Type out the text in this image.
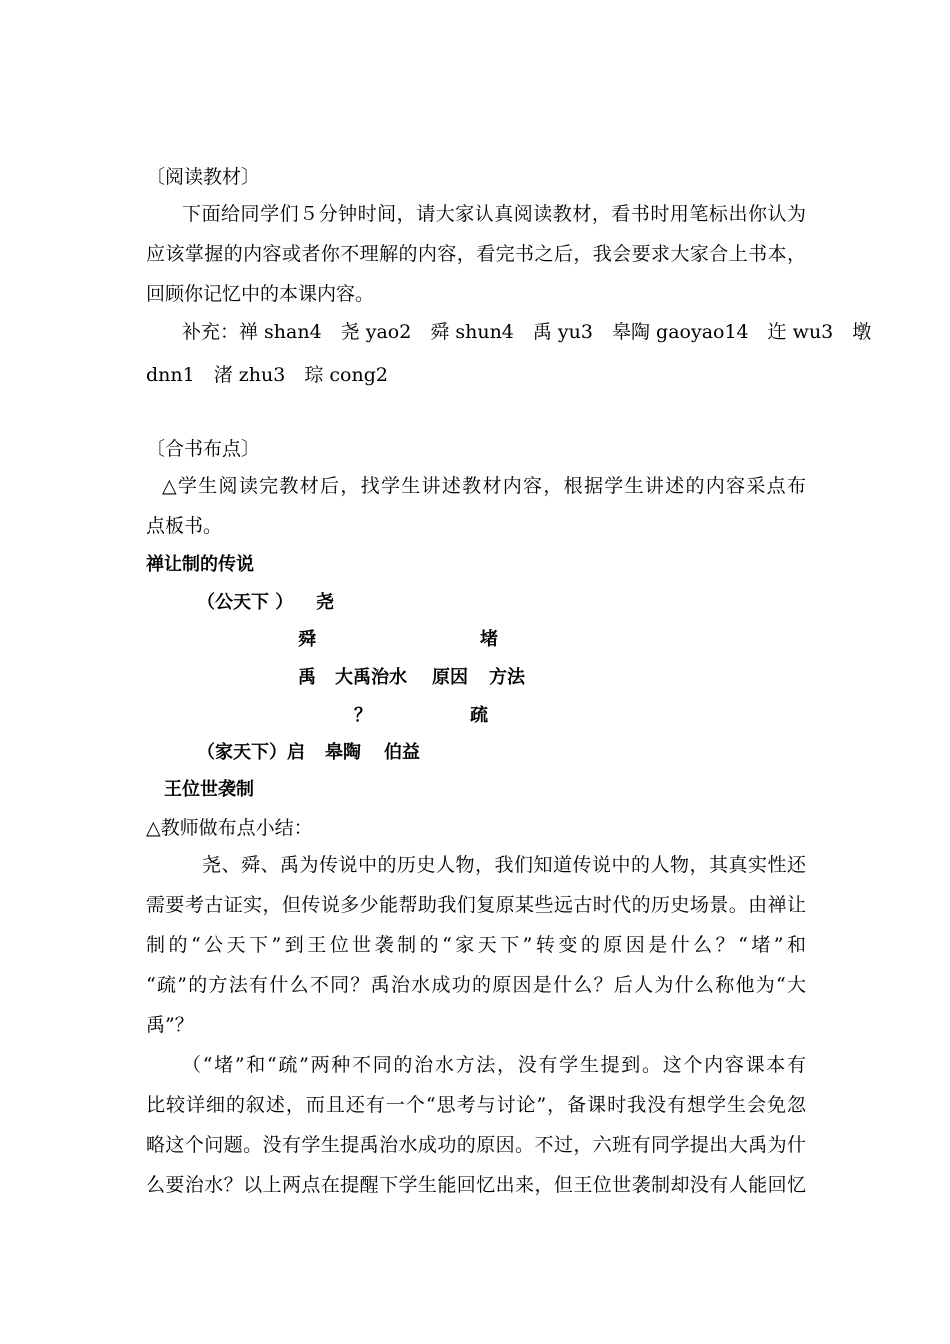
〔阅读教材〕
下面给同学们５分钟时间，请大家认真阅读教材，看书时用笔标出你认为
应该掌握的内容或者你不理解的内容，看完书之后，我会要求大家合上书本，
回顾你记忆中的本课内容。
补充：禅 shan4　尧 yao2　舜 shun4　禹 yu3　皋陶 gaoyao14　迕 wu3　墩
dnn1　渚 zhu3　琮 cong2
〔合书布点〕
△学生阅读完教材后，找学生讲述教材内容，根据学生讲述的内容采点布
点板书。
禅让制的传说
（公天下 ） 尧
舜	堵
禹 大禹治水 原因 方法
？	疏
（家天下）启 皋陶 伯益
王位世袭制
△教师做布点小结：
尧、舜、禹为传说中的历史人物，我们知道传说中的人物，其真实性还
需要考古证实，但传说多少能帮助我们复原某些远古时代的历史场景。由禅让
制的“公天下”到王位世袭制的“家天下”转变的原因是什么？“堵”和
“疏”的方法有什么不同？禹治水成功的原因是什么？后人为什么称他为“大
禹”？
（“堵”和“疏”两种不同的治水方法，没有学生提到。这个内容课本有
比较详细的叙述，而且还有一个“思考与讨论”，备课时我没有想学生会免忽
略这个问题。没有学生提禹治水成功的原因。不过，六班有同学提出大禹为什
么要治水？以上两点在提醒下学生能回忆出来，但王位世袭制却没有人能回忆
